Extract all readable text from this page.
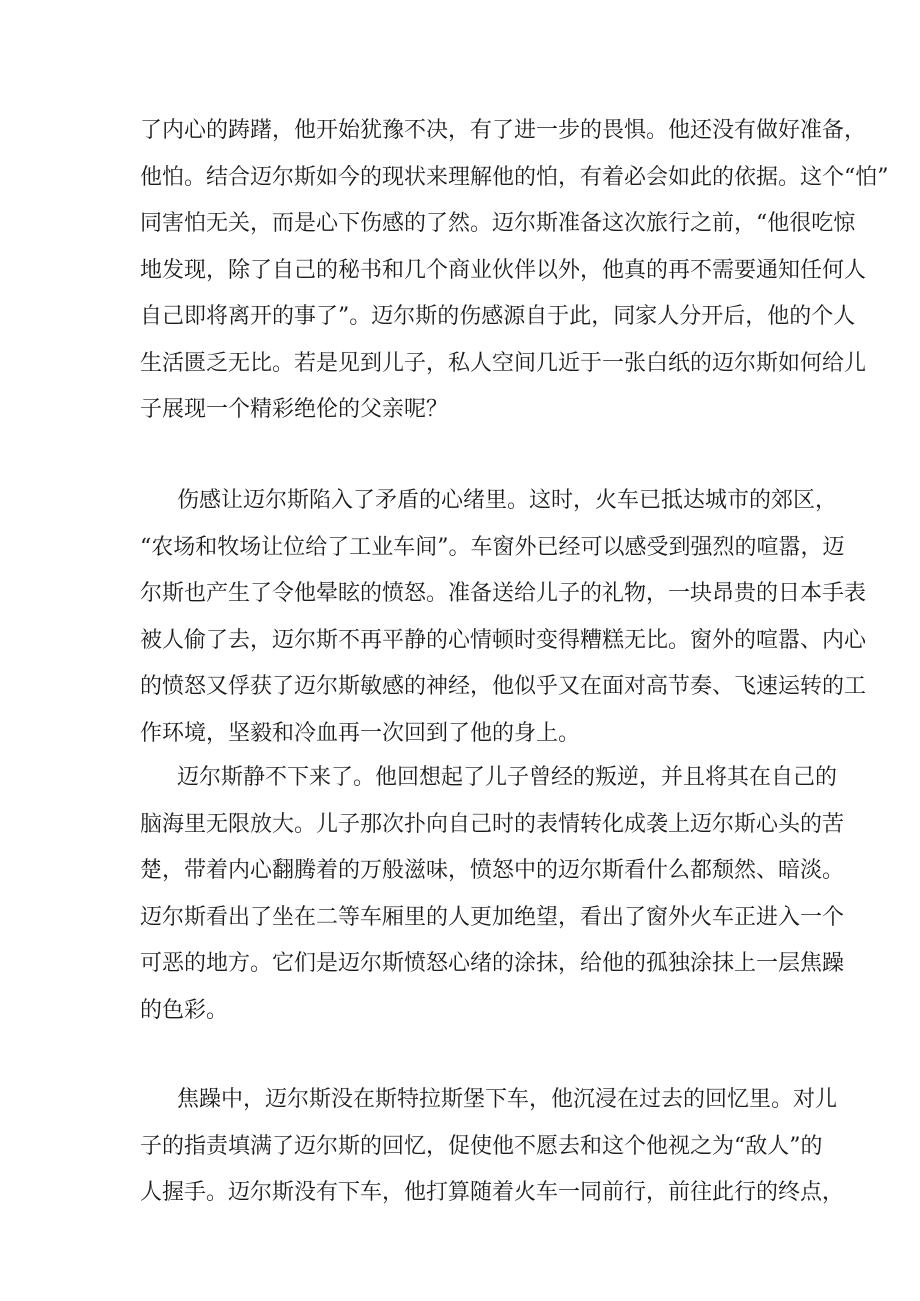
了内心的踌躇，他开始犹豫不决，有了进一步的畏惧。他还没有做好准备，
他怕。结合迈尔斯如今的现状来理解他的怕，有着必会如此的依据。这个“怕”
同害怕无关，而是心下伤感的了然。迈尔斯准备这次旅行之前，“他很吃惊
地发现，除了自己的秘书和几个商业伙伴以外，他真的再不需要通知任何人
自己即将离开的事了”。迈尔斯的伤感源自于此，同家人分开后，他的个人
生活匮乏无比。若是见到儿子，私人空间几近于一张白纸的迈尔斯如何给儿
子展现一个精彩绝伦的父亲呢？
伤感让迈尔斯陷入了矛盾的心绪里。这时，火车已抵达城市的郊区，
“农场和牧场让位给了工业车间”。车窗外已经可以感受到强烈的喧嚣，迈
尔斯也产生了令他晕眩的愤怒。准备送给儿子的礼物，一块昂贵的日本手表
被人偷了去，迈尔斯不再平静的心情顿时变得糟糕无比。窗外的喧嚣、内心
的愤怒又俘获了迈尔斯敏感的神经，他似乎又在面对高节奏、飞速运转的工
作环境，坚毅和冷血再一次回到了他的身上。
迈尔斯静不下来了。他回想起了儿子曾经的叛逆，并且将其在自己的
脑海里无限放大。儿子那次扑向自己时的表情转化成袭上迈尔斯心头的苦
楚，带着内心翻腾着的万般滋味，愤怒中的迈尔斯看什么都颓然、暗淡。
迈尔斯看出了坐在二等车厢里的人更加绝望，看出了窗外火车正进入一个
可恶的地方。它们是迈尔斯愤怒心绪的涂抹，给他的孤独涂抹上一层焦躁
的色彩。
焦躁中，迈尔斯没在斯特拉斯堡下车，他沉浸在过去的回忆里。对儿
子的指责填满了迈尔斯的回忆，促使他不愿去和这个他视之为“敌人”的
人握手。迈尔斯没有下车，他打算随着火车一同前行，前往此行的终点，
